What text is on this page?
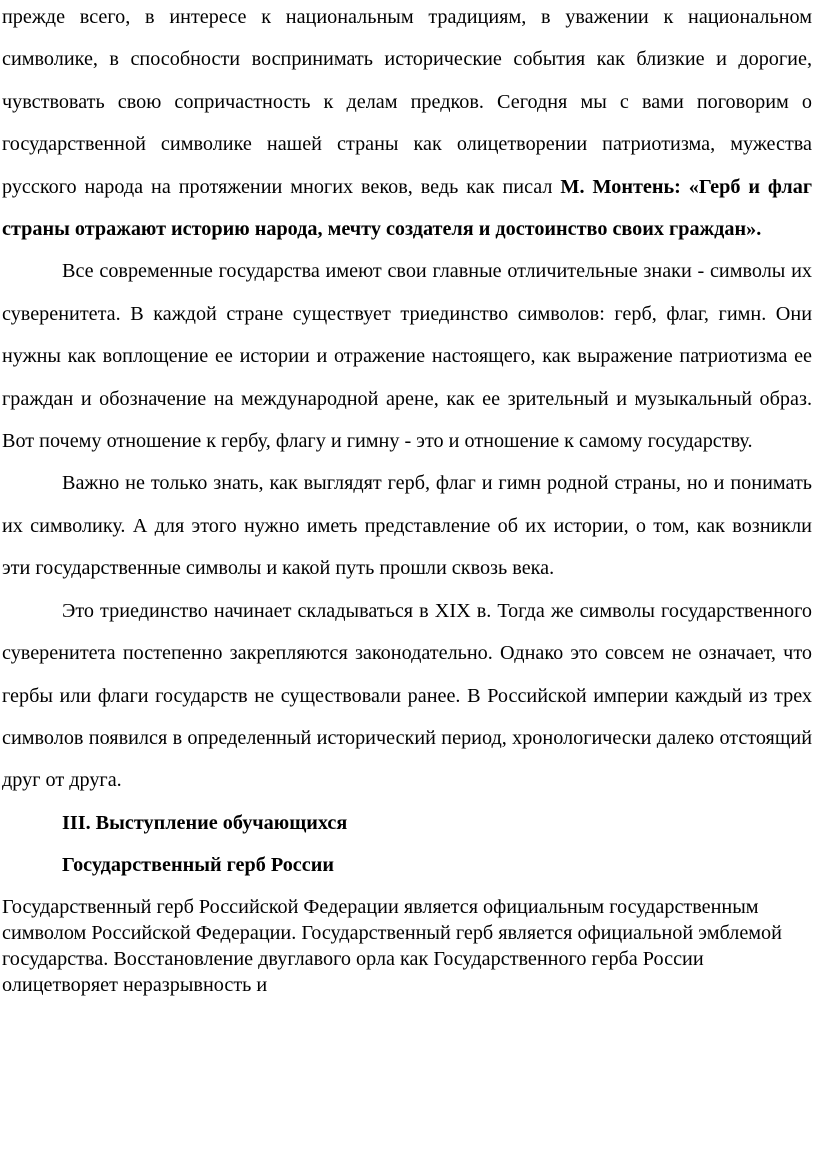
прежде всего, в интересе к национальным традициям, в уважении к национальном символике, в способности воспринимать исторические события как близкие и дорогие, чувствовать свою сопричастность к делам предков. Сегодня мы с вами поговорим о государственной символике нашей страны как олицетворении патриотизма, мужества русского народа на протяжении многих веков, ведь как писал М. Монтень: «Герб и флаг страны отражают историю народа, мечту создателя и достоинство своих граждан».

Все современные государства имеют свои главные отличительные знаки - символы их суверенитета. В каждой стране существует триединство символов: герб, флаг, гимн. Они нужны как воплощение ее истории и отражение настоящего, как выражение патриотизма ее граждан и обозначение на международной арене, как ее зрительный и музыкальный образ. Вот почему отношение к гербу, флагу и гимну - это и отношение к самому государству.

Важно не только знать, как выглядят герб, флаг и гимн родной страны, но и понимать их символику. А для этого нужно иметь представление об их истории, о том, как возникли эти государственные символы и какой путь прошли сквозь века.

Это триединство начинает складываться в XIX в. Тогда же символы государственного суверенитета постепенно закрепляются законодательно. Однако это совсем не означает, что гербы или флаги государств не существовали ранее. В Российской империи каждый из трех символов появился в определенный исторический период, хронологически далеко отстоящий друг от друга.

III. Выступление обучающихся

Государственный герб России

Государственный герб Российской Федерации является официальным государственным символом Российской Федерации. Государственный герб является официальной эмблемой государства. Восстановление двуглавого орла как Государственного герба России олицетворяет неразрывность и
